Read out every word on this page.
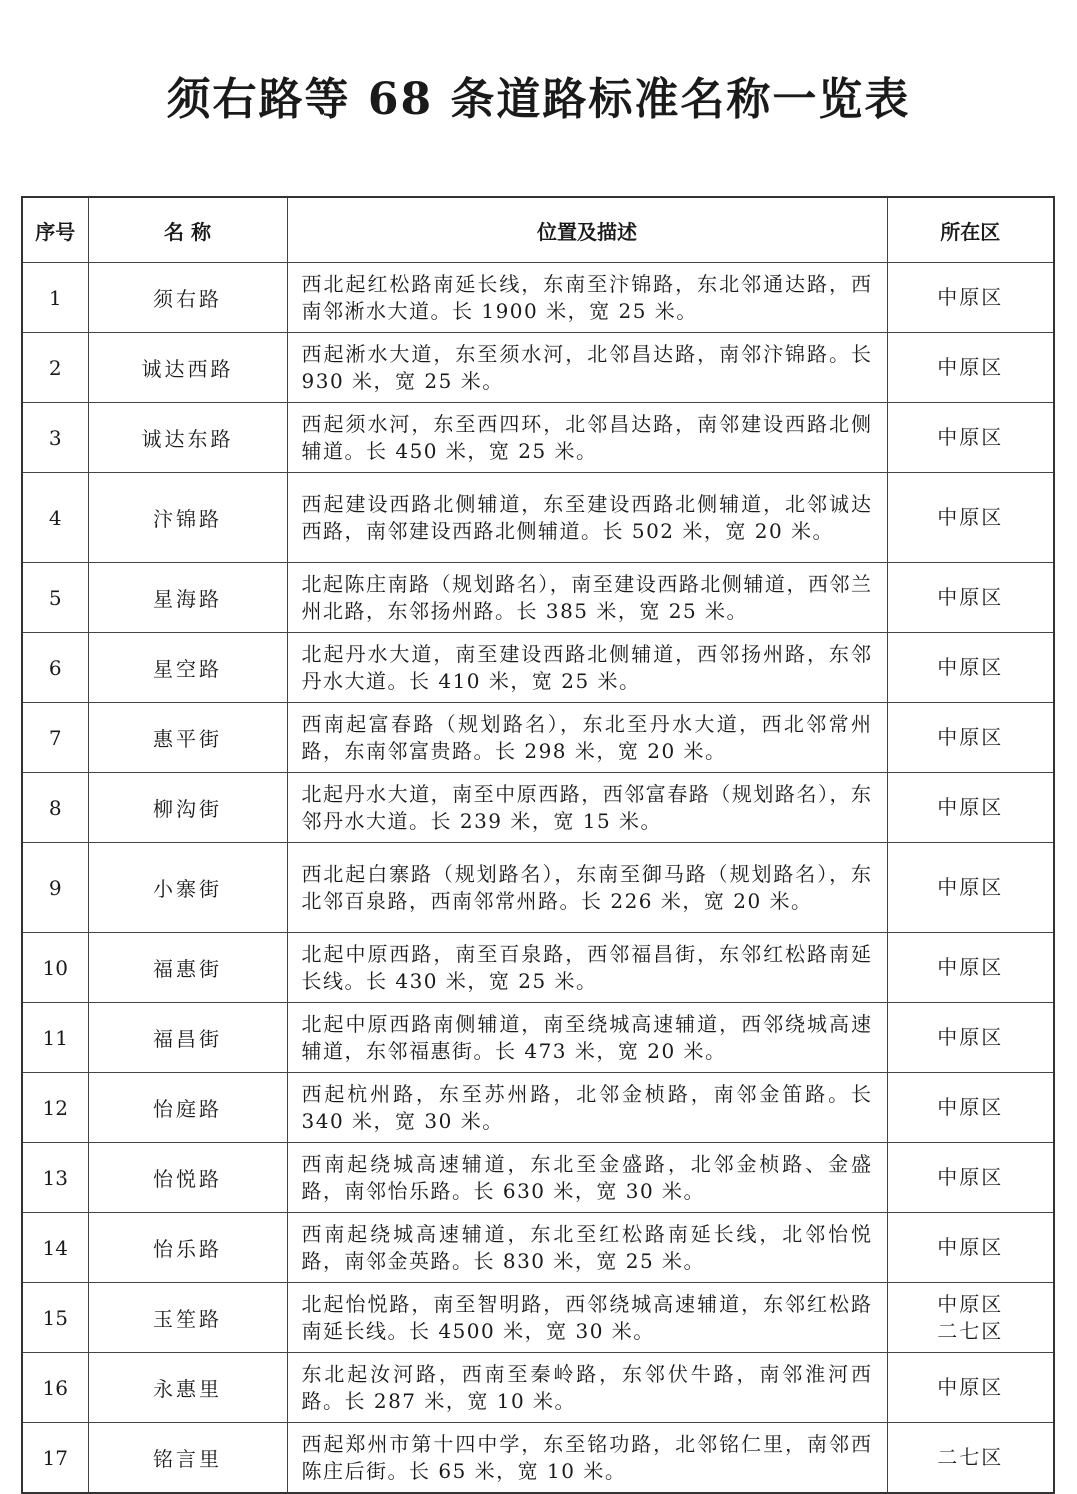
须右路等 68 条道路标准名称一览表
序号	名 称	位置及描述	所在区
1	须右路	西北起红松路南延长线，东南至汴锦路，东北邻通达路，西南邻淅水大道。长 1900 米，宽 25 米。	中原区

2	诚达西路	西起淅水大道，东至须水河，北邻昌达路，南邻汴锦路。长 930 米，宽 25 米。	中原区

3	诚达东路	西起须水河，东至西四环，北邻昌达路，南邻建设西路北侧辅道。长 450 米，宽 25 米。	中原区

4	汴锦路	西起建设西路北侧辅道，东至建设西路北侧辅道，北邻诚达西路，南邻建设西路北侧辅道。长 502 米，宽 20 米。	中原区

5	星海路	北起陈庄南路（规划路名），南至建设西路北侧辅道，西邻兰州北路，东邻扬州路。长 385 米，宽 25 米。	中原区

6	星空路	北起丹水大道，南至建设西路北侧辅道，西邻扬州路，东邻丹水大道。长 410 米，宽 25 米。	中原区

7	惠平街	西南起富春路（规划路名），东北至丹水大道，西北邻常州路，东南邻富贵路。长 298 米，宽 20 米。	中原区

8	柳沟街	北起丹水大道，南至中原西路，西邻富春路（规划路名），东邻丹水大道。长 239 米，宽 15 米。	中原区

9	小寨街	西北起白寨路（规划路名），东南至御马路（规划路名），东北邻百泉路，西南邻常州路。长 226 米，宽 20 米。	中原区

10	福惠街	北起中原西路，南至百泉路，西邻福昌街，东邻红松路南延长线。长 430 米，宽 25 米。	中原区

11	福昌街	北起中原西路南侧辅道，南至绕城高速辅道，西邻绕城高速辅道，东邻福惠街。长 473 米，宽 20 米。	中原区

12	怡庭路	西起杭州路，东至苏州路，北邻金桢路，南邻金笛路。长 340 米，宽 30 米。	中原区

13	怡悦路	西南起绕城高速辅道，东北至金盛路，北邻金桢路、金盛路，南邻怡乐路。长 630 米，宽 30 米。	中原区

14	怡乐路	西南起绕城高速辅道，东北至红松路南延长线，北邻怡悦路，南邻金英路。长 830 米，宽 25 米。	中原区

15	玉笙路	北起怡悦路，南至智明路，西邻绕城高速辅道，东邻红松路南延长线。长 4500 米，宽 30 米。	中原区
二七区

16	永惠里	东北起汝河路，西南至秦岭路，东邻伏牛路，南邻淮河西路。长 287 米，宽 10 米。	中原区

17	铭言里	西起郑州市第十四中学，东至铭功路，北邻铭仁里，南邻西陈庄后街。长 65 米，宽 10 米。	二七区
